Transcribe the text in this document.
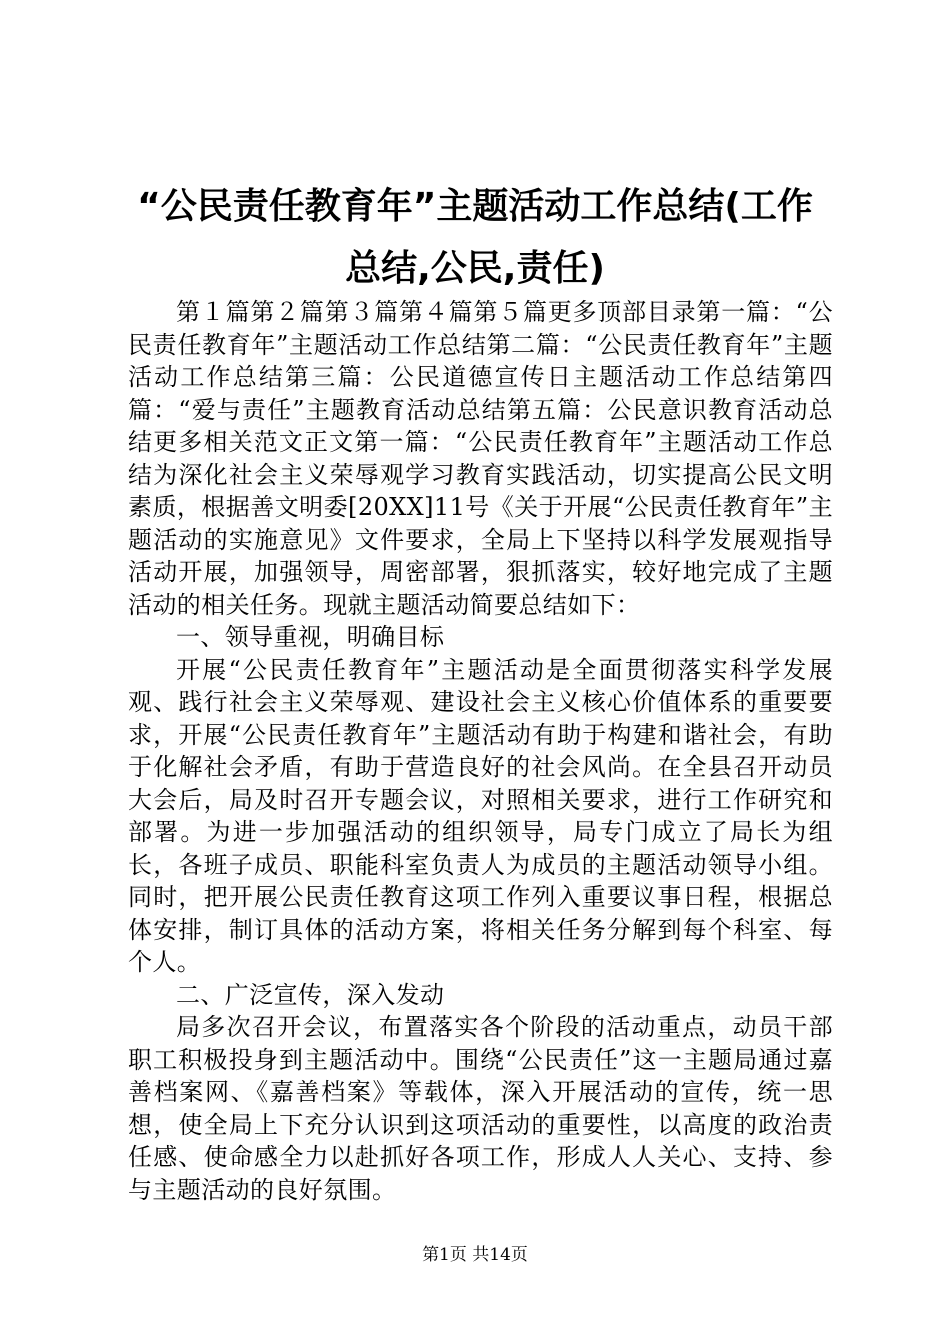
“公民责任教育年”主题活动工作总结(工作
总结,公民,责任)

第１篇第２篇第３篇第４篇第５篇更多顶部目录第一篇：“公民责任教育年”主题活动工作总结第二篇：“公民责任教育年”主题活动工作总结第三篇：公民道德宣传日主题活动工作总结第四篇：“爱与责任”主题教育活动总结第五篇：公民意识教育活动总结更多相关范文正文第一篇：“公民责任教育年”主题活动工作总结为深化社会主义荣辱观学习教育实践活动，切实提高公民文明素质，根据善文明委[20XX]11号《关于开展“公民责任教育年”主题活动的实施意见》文件要求，全局上下坚持以科学发展观指导活动开展，加强领导，周密部署，狠抓落实，较好地完成了主题活动的相关任务。现就主题活动简要总结如下：

一、领导重视，明确目标

开展“公民责任教育年”主题活动是全面贯彻落实科学发展观、践行社会主义荣辱观、建设社会主义核心价值体系的重要要求，开展“公民责任教育年”主题活动有助于构建和谐社会，有助于化解社会矛盾，有助于营造良好的社会风尚。在全县召开动员大会后，局及时召开专题会议，对照相关要求，进行工作研究和部署。为进一步加强活动的组织领导，局专门成立了局长为组长，各班子成员、职能科室负责人为成员的主题活动领导小组。同时，把开展公民责任教育这项工作列入重要议事日程，根据总体安排，制订具体的活动方案，将相关任务分解到每个科室、每个人。

二、广泛宣传，深入发动

局多次召开会议，布置落实各个阶段的活动重点，动员干部职工积极投身到主题活动中。围绕“公民责任”这一主题局通过嘉善档案网、《嘉善档案》等载体，深入开展活动的宣传，统一思想，使全局上下充分认识到这项活动的重要性，以高度的政治责任感、使命感全力以赴抓好各项工作，形成人人关心、支持、参与主题活动的良好氛围。

第1页 共14页
